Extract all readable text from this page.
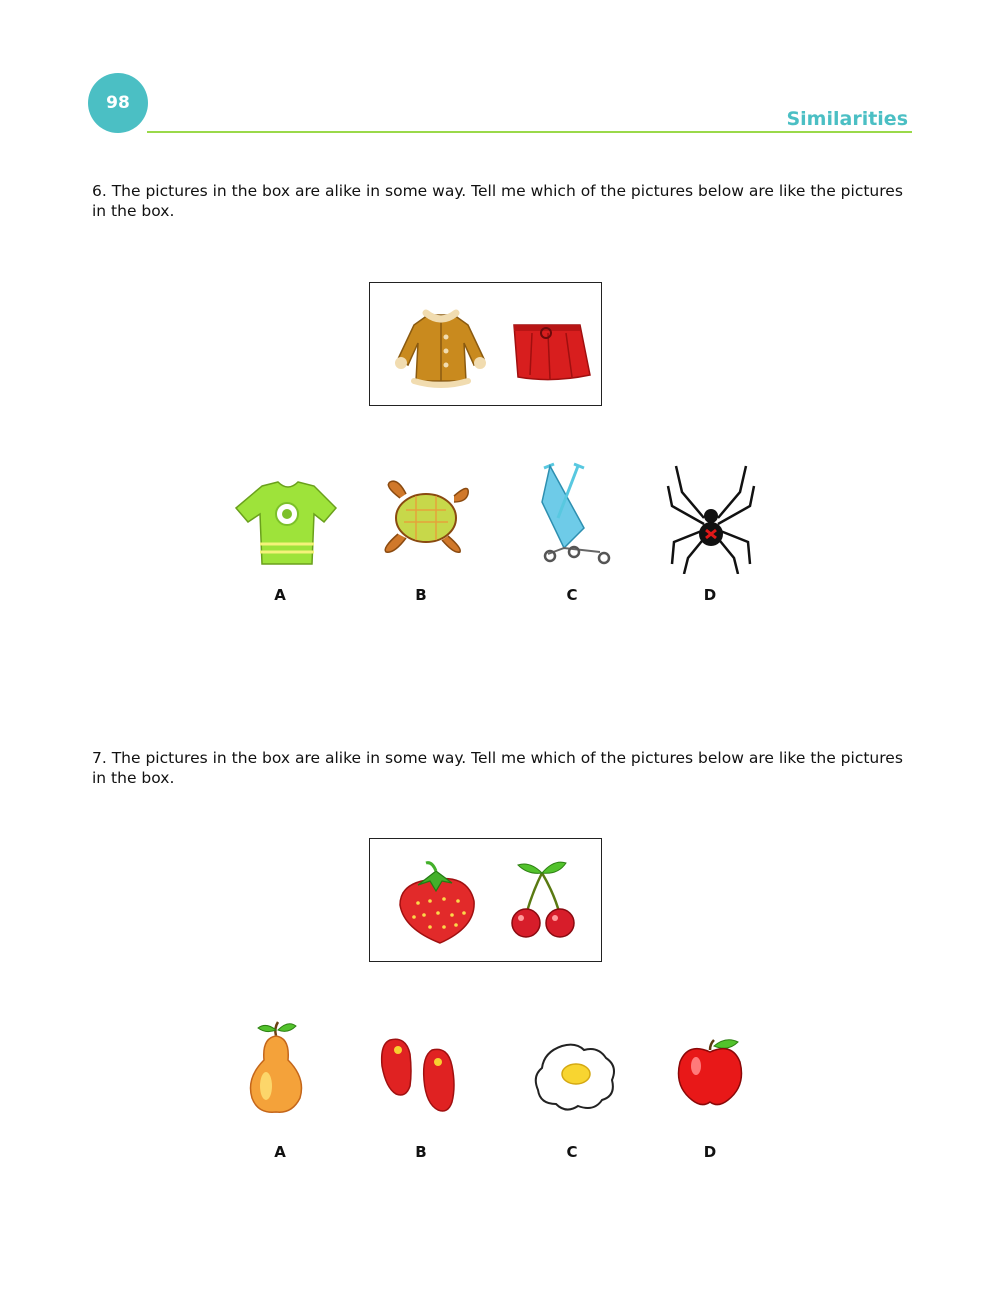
98
Similarities
6. The pictures in the box are alike in some way. Tell me which of the pictures below are like the pictures in the box.
A	B	C	D
7. The pictures in the box are alike in some way. Tell me which of the pictures below are like the pictures in the box.
A	B	C	D
